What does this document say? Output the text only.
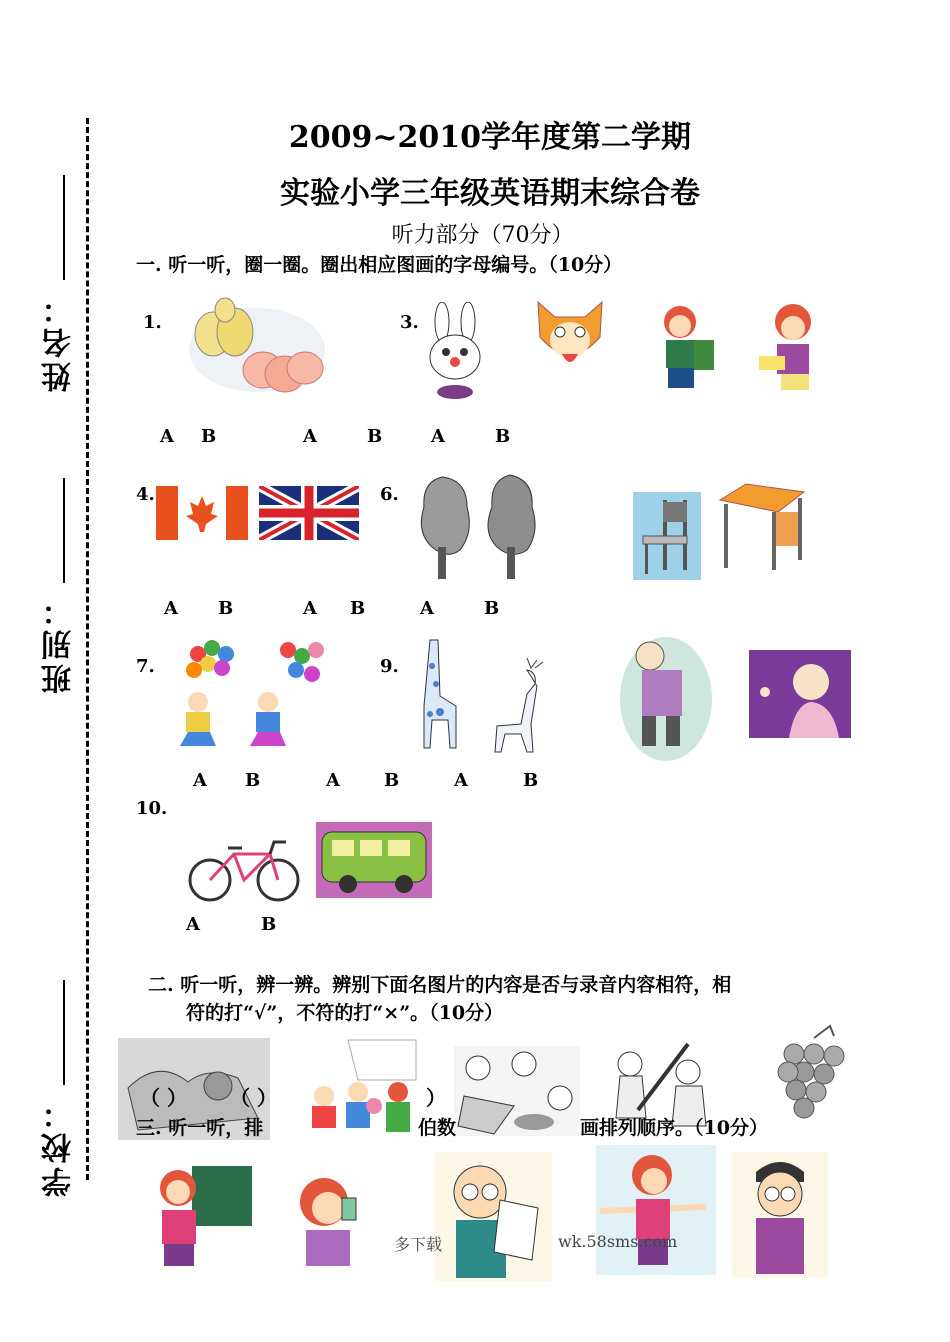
姓名：
班别：
学校：
2009~2010学年度第二学期
实验小学三年级英语期末综合卷
听力部分（70分）
一. 听一听，圈一圈。圈出相应图画的字母编号。（10分）
1.	3.
A B	A	B	A	B
4.	6.
A B	A B	A	B
7.	9.
A B	A B	A	B
10.
A	B
二. 听一听，辨一辨。辨别下面名图片的内容是否与录音内容相符，相
符的打“√”，不符的打“×”。（10分）
（ ） （ ）	）
三. 听一听，排	伯数	画排列顺序。（10分）
多下载	wk.58sms.com
